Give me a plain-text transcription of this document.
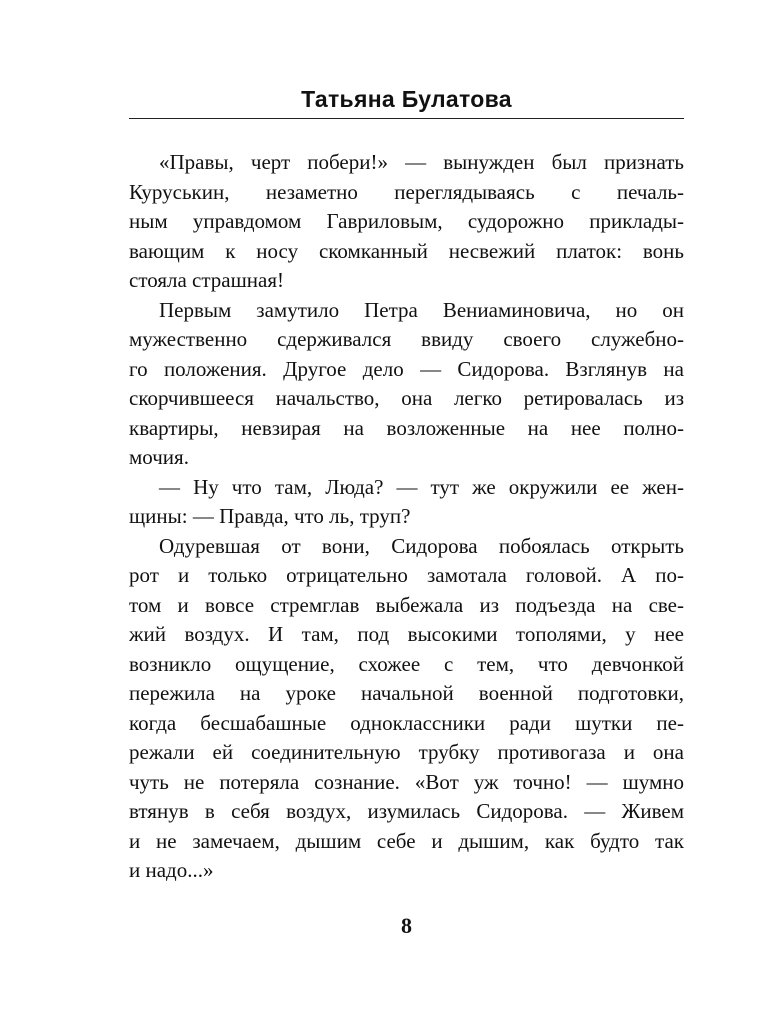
Татьяна Булатова

«Правы, черт побери!» — вынужден был признать
Куруськин, незаметно переглядываясь с печаль-
ным управдомом Гавриловым, судорожно приклады-
вающим к носу скомканный несвежий платок: вонь
стояла страшная!

Первым замутило Петра Вениаминовича, но он
мужественно сдерживался ввиду своего служебно-
го положения. Другое дело — Сидорова. Взглянув на
скорчившееся начальство, она легко ретировалась из
квартиры, невзирая на возложенные на нее полно-
мочия.

— Ну что там, Люда? — тут же окружили ее жен-
щины: — Правда, что ль, труп?

Одуревшая от вони, Сидорова побоялась открыть
рот и только отрицательно замотала головой. А по-
том и вовсе стремглав выбежала из подъезда на све-
жий воздух. И там, под высокими тополями, у нее
возникло ощущение, схожее с тем, что девчонкой
пережила на уроке начальной военной подготовки,
когда бесшабашные одноклассники ради шутки пе-
режали ей соединительную трубку противогаза и она
чуть не потеряла сознание. «Вот уж точно! — шумно
втянув в себя воздух, изумилась Сидорова. — Живем
и не замечаем, дышим себе и дышим, как будто так
и надо...»

8
